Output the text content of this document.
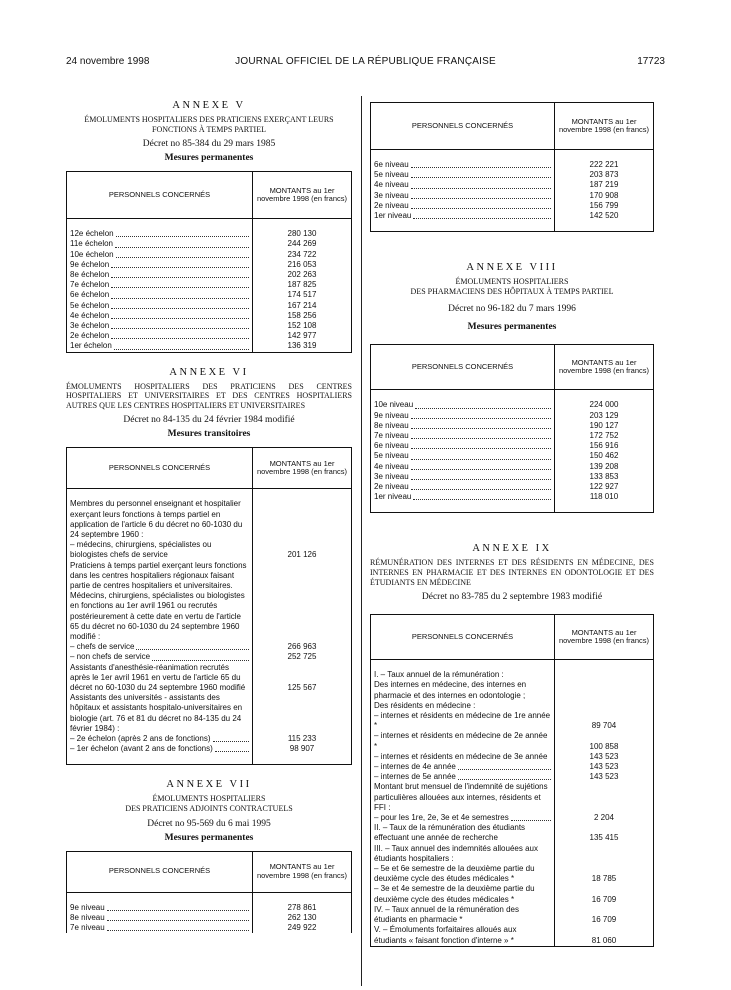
24 novembre 1998	JOURNAL OFFICIEL DE LA RÉPUBLIQUE FRANÇAISE	17723
ANNEXE V
ÉMOLUMENTS HOSPITALIERS DES PRATICIENS EXERÇANT LEURS FONCTIONS À TEMPS PARTIEL
Décret no 85-384 du 29 mars 1985
Mesures permanentes
PERSONNELS CONCERNÉS	MONTANTS au 1er novembre 1998 (en francs)

12e échelon	280 130

11e échelon	244 269

10e échelon	234 722

9e échelon	216 053

8e échelon	202 263

7e échelon	187 825

6e échelon	174 517

5e échelon	167 214

4e échelon	158 256

3e échelon	152 108

2e échelon	142 977

1er échelon	136 319
ANNEXE VI
ÉMOLUMENTS HOSPITALIERS DES PRATICIENS DES CENTRES HOSPITALIERS ET UNIVERSITAIRES ET DES CENTRES HOSPITALIERS AUTRES QUE LES CENTRES HOSPITALIERS ET UNIVERSITAIRES
Décret no 84-135 du 24 février 1984 modifié
Mesures transitoires
PERSONNELS CONCERNÉS	MONTANTS au 1er novembre 1998 (en francs)

Membres du personnel enseignant et hospitalier exerçant leurs fonctions à temps partiel en application de l'article 6 du décret no 60-1030 du 24 septembre 1960 :	
– médecins, chirurgiens, spécialistes ou biologistes chefs de service	201 126
Praticiens à temps partiel exerçant leurs fonctions dans les centres hospitaliers régionaux faisant partie de centres hospitaliers et universitaires.	
Médecins, chirurgiens, spécialistes ou biologistes en fonctions au 1er avril 1961 ou recrutés postérieurement à cette date en vertu de l'article 65 du décret no 60-1030 du 24 septembre 1960 modifié :	

– chefs de service	266 963

– non chefs de service	252 725
Assistants d'anesthésie-réanimation recrutés après le 1er avril 1961 en vertu de l'article 65 du décret no 60-1030 du 24 septembre 1960 modifié	125 567
Assistants des universités - assistants des hôpitaux et assistants hospitalo-universitaires en biologie (art. 76 et 81 du décret no 84-135 du 24 février 1984) :	

– 2e échelon (après 2 ans de fonctions)	115 233

– 1er échelon (avant 2 ans de fonctions)	98 907

ANNEXE VII
ÉMOLUMENTS HOSPITALIERS
DES PRATICIENS ADJOINTS CONTRACTUELS
Décret no 95-569 du 6 mai 1995
Mesures permanentes
PERSONNELS CONCERNÉS	MONTANTS au 1er novembre 1998 (en francs)

9e niveau	278 861

8e niveau	262 130

7e niveau	249 922
PERSONNELS CONCERNÉS	MONTANTS au 1er novembre 1998 (en francs)

6e niveau	222 221

5e niveau	203 873

4e niveau	187 219

3e niveau	170 908

2e niveau	156 799

1er niveau	142 520

ANNEXE VIII
ÉMOLUMENTS HOSPITALIERS
DES PHARMACIENS DES HÔPITAUX À TEMPS PARTIEL
Décret no 96-182 du 7 mars 1996
Mesures permanentes
PERSONNELS CONCERNÉS	MONTANTS au 1er novembre 1998 (en francs)

10e niveau	224 000

9e niveau	203 129

8e niveau	190 127

7e niveau	172 752

6e niveau	156 916

5e niveau	150 462

4e niveau	139 208

3e niveau	133 853

2e niveau	122 927

1er niveau	118 010

ANNEXE IX
RÉMUNÉRATION DES INTERNES ET DES RÉSIDENTS EN MÉDECINE, DES INTERNES EN PHARMACIE ET DES INTERNES EN ODONTOLOGIE ET DES ÉTUDIANTS EN MÉDECINE
Décret no 83-785 du 2 septembre 1983 modifié
PERSONNELS CONCERNÉS	MONTANTS au 1er novembre 1998 (en francs)

I. – Taux annuel de la rémunération :	
Des internes en médecine, des internes en pharmacie et des internes en odontologie ;	
Des résidents en médecine :	
– internes et résidents en médecine de 1re année *	89 704
– internes et résidents en médecine de 2e année *	100 858
– internes et résidents en médecine de 3e année	143 523

– internes de 4e année	143 523

– internes de 5e année	143 523
Montant brut mensuel de l'indemnité de sujétions particulières allouées aux internes, résidents et FFI :	

– pour les 1re, 2e, 3e et 4e semestres	2 204
II. – Taux de la rémunération des étudiants effectuant une année de recherche	135 415
III. – Taux annuel des indemnités allouées aux étudiants hospitaliers :	
– 5e et 6e semestre de la deuxième partie du deuxième cycle des études médicales *	18 785
– 3e et 4e semestre de la deuxième partie du deuxième cycle des études médicales *	16 709
IV. – Taux annuel de la rémunération des étudiants en pharmacie *	16 709
V. – Émoluments forfaitaires alloués aux étudiants « faisant fonction d'interne » *	81 060
